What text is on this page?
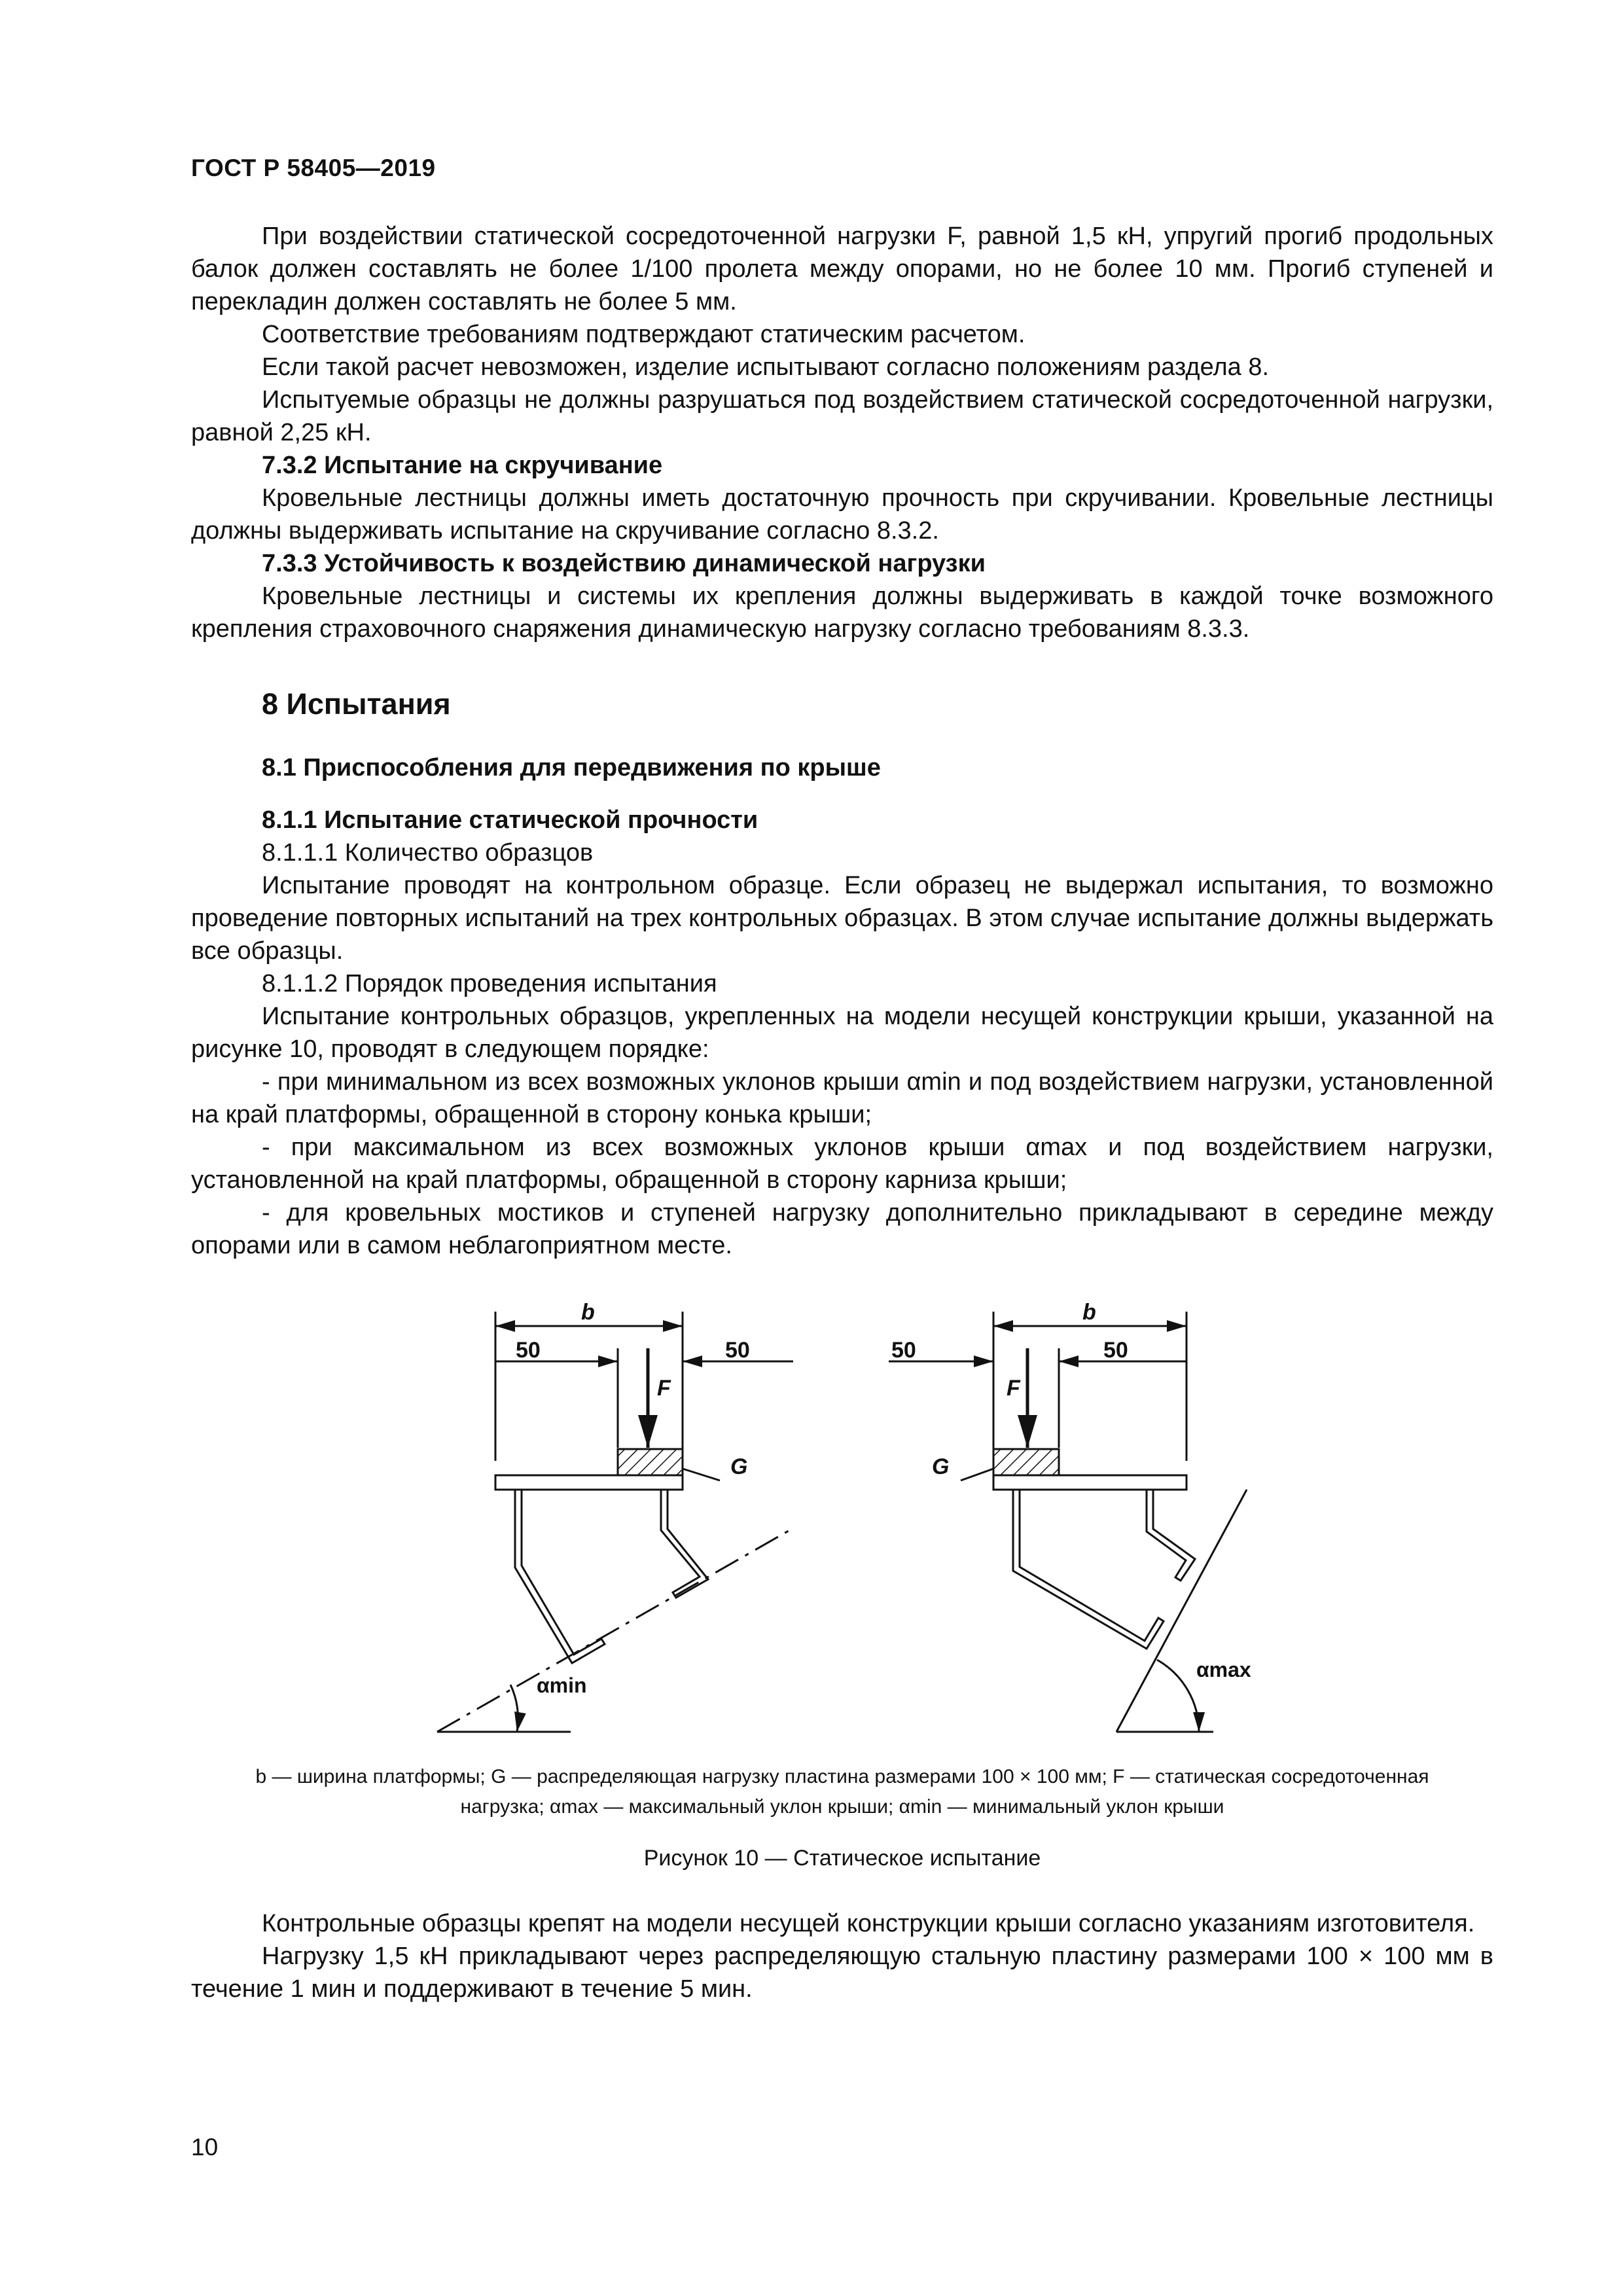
ГОСТ Р 58405—2019

При воздействии статической сосредоточенной нагрузки F, равной 1,5 кН, упругий прогиб продольных балок должен составлять не более 1/100 пролета между опорами, но не более 10 мм. Прогиб ступеней и перекладин должен составлять не более 5 мм.

Соответствие требованиям подтверждают статическим расчетом.

Если такой расчет невозможен, изделие испытывают согласно положениям раздела 8.

Испытуемые образцы не должны разрушаться под воздействием статической сосредоточенной нагрузки, равной 2,25 кН.

7.3.2 Испытание на скручивание

Кровельные лестницы должны иметь достаточную прочность при скручивании. Кровельные лестницы должны выдерживать испытание на скручивание согласно 8.3.2.

7.3.3 Устойчивость к воздействию динамической нагрузки

Кровельные лестницы и системы их крепления должны выдерживать в каждой точке возможного крепления страховочного снаряжения динамическую нагрузку согласно требованиям 8.3.3.

8 Испытания
8.1 Приспособления для передвижения по крыше

8.1.1 Испытание статической прочности

8.1.1.1 Количество образцов

Испытание проводят на контрольном образце. Если образец не выдержал испытания, то возможно проведение повторных испытаний на трех контрольных образцах. В этом случае испытание должны выдержать все образцы.

8.1.1.2 Порядок проведения испытания

Испытание контрольных образцов, укрепленных на модели несущей конструкции крыши, указанной на рисунке 10, проводят в следующем порядке:

- при минимальном из всех возможных уклонов крыши αmin и под воздействием нагрузки, установленной на край платформы, обращенной в сторону конька крыши;

- при максимальном из всех возможных уклонов крыши αmax и под воздействием нагрузки, установленной на край платформы, обращенной в сторону карниза крыши;

- для кровельных мостиков и ступеней нагрузку дополнительно прикладывают в середине между опорами или в самом неблагоприятном месте.

b
50	50
F
G
αmin
b
50	50
F
G
αmax
b — ширина платформы; G — распределяющая нагрузку пластина размерами 100 × 100 мм; F — статическая сосредоточенная
нагрузка; αmax — максимальный уклон крыши; αmin — минимальный уклон крыши
Рисунок 10 — Статическое испытание

Контрольные образцы крепят на модели несущей конструкции крыши согласно указаниям изготовителя.

Нагрузку 1,5 кН прикладывают через распределяющую стальную пластину размерами 100 × 100 мм в течение 1 мин и поддерживают в течение 5 мин.

10
